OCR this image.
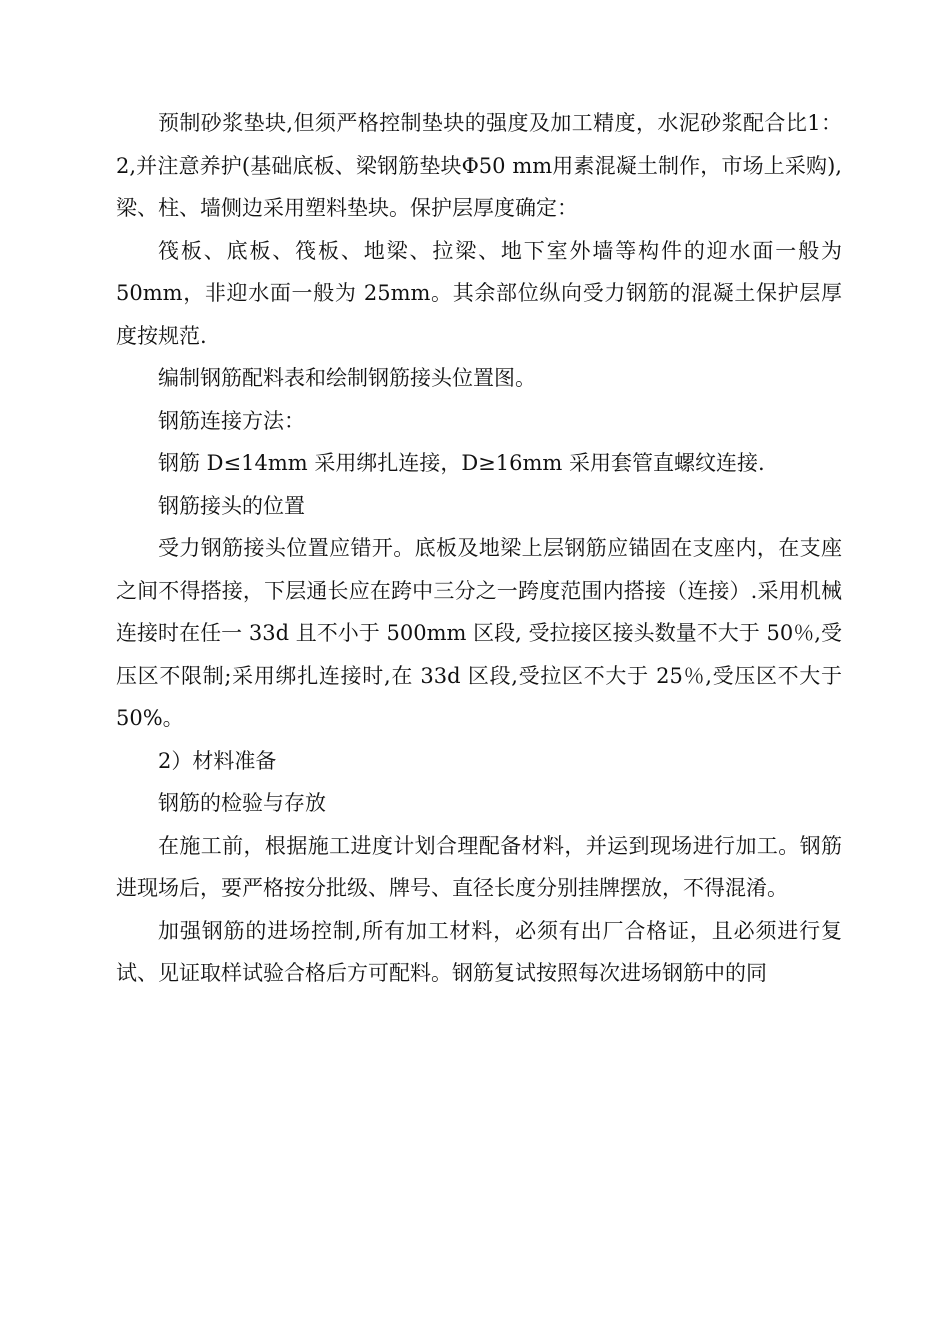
预制砂浆垫块,但须严格控制垫块的强度及加工精度，水泥砂浆配合比1：2,并注意养护(基础底板、梁钢筋垫块Φ50 mm用素混凝土制作，市场上采购),梁、柱、墙侧边采用塑料垫块。保护层厚度确定：

筏板、底板、筏板、地梁、拉梁、地下室外墙等构件的迎水面一般为50mm，非迎水面一般为 25mm。其余部位纵向受力钢筋的混凝土保护层厚度按规范.

编制钢筋配料表和绘制钢筋接头位置图。

钢筋连接方法：

钢筋 D≤14mm 采用绑扎连接，D≥16mm 采用套管直螺纹连接.

钢筋接头的位置

受力钢筋接头位置应错开。底板及地梁上层钢筋应锚固在支座内，在支座之间不得搭接，下层通长应在跨中三分之一跨度范围内搭接（连接）.采用机械连接时在任一 33d 且不小于 500mm 区段, 受拉接区接头数量不大于 50％,受压区不限制;采用绑扎连接时,在 33d 区段,受拉区不大于 25％,受压区不大于 50%。

2）材料准备

钢筋的检验与存放

在施工前，根据施工进度计划合理配备材料，并运到现场进行加工。钢筋进现场后，要严格按分批级、牌号、直径长度分别挂牌摆放，不得混淆。

加强钢筋的进场控制,所有加工材料，必须有出厂合格证，且必须进行复试、见证取样试验合格后方可配料。钢筋复试按照每次进场钢筋中的同
